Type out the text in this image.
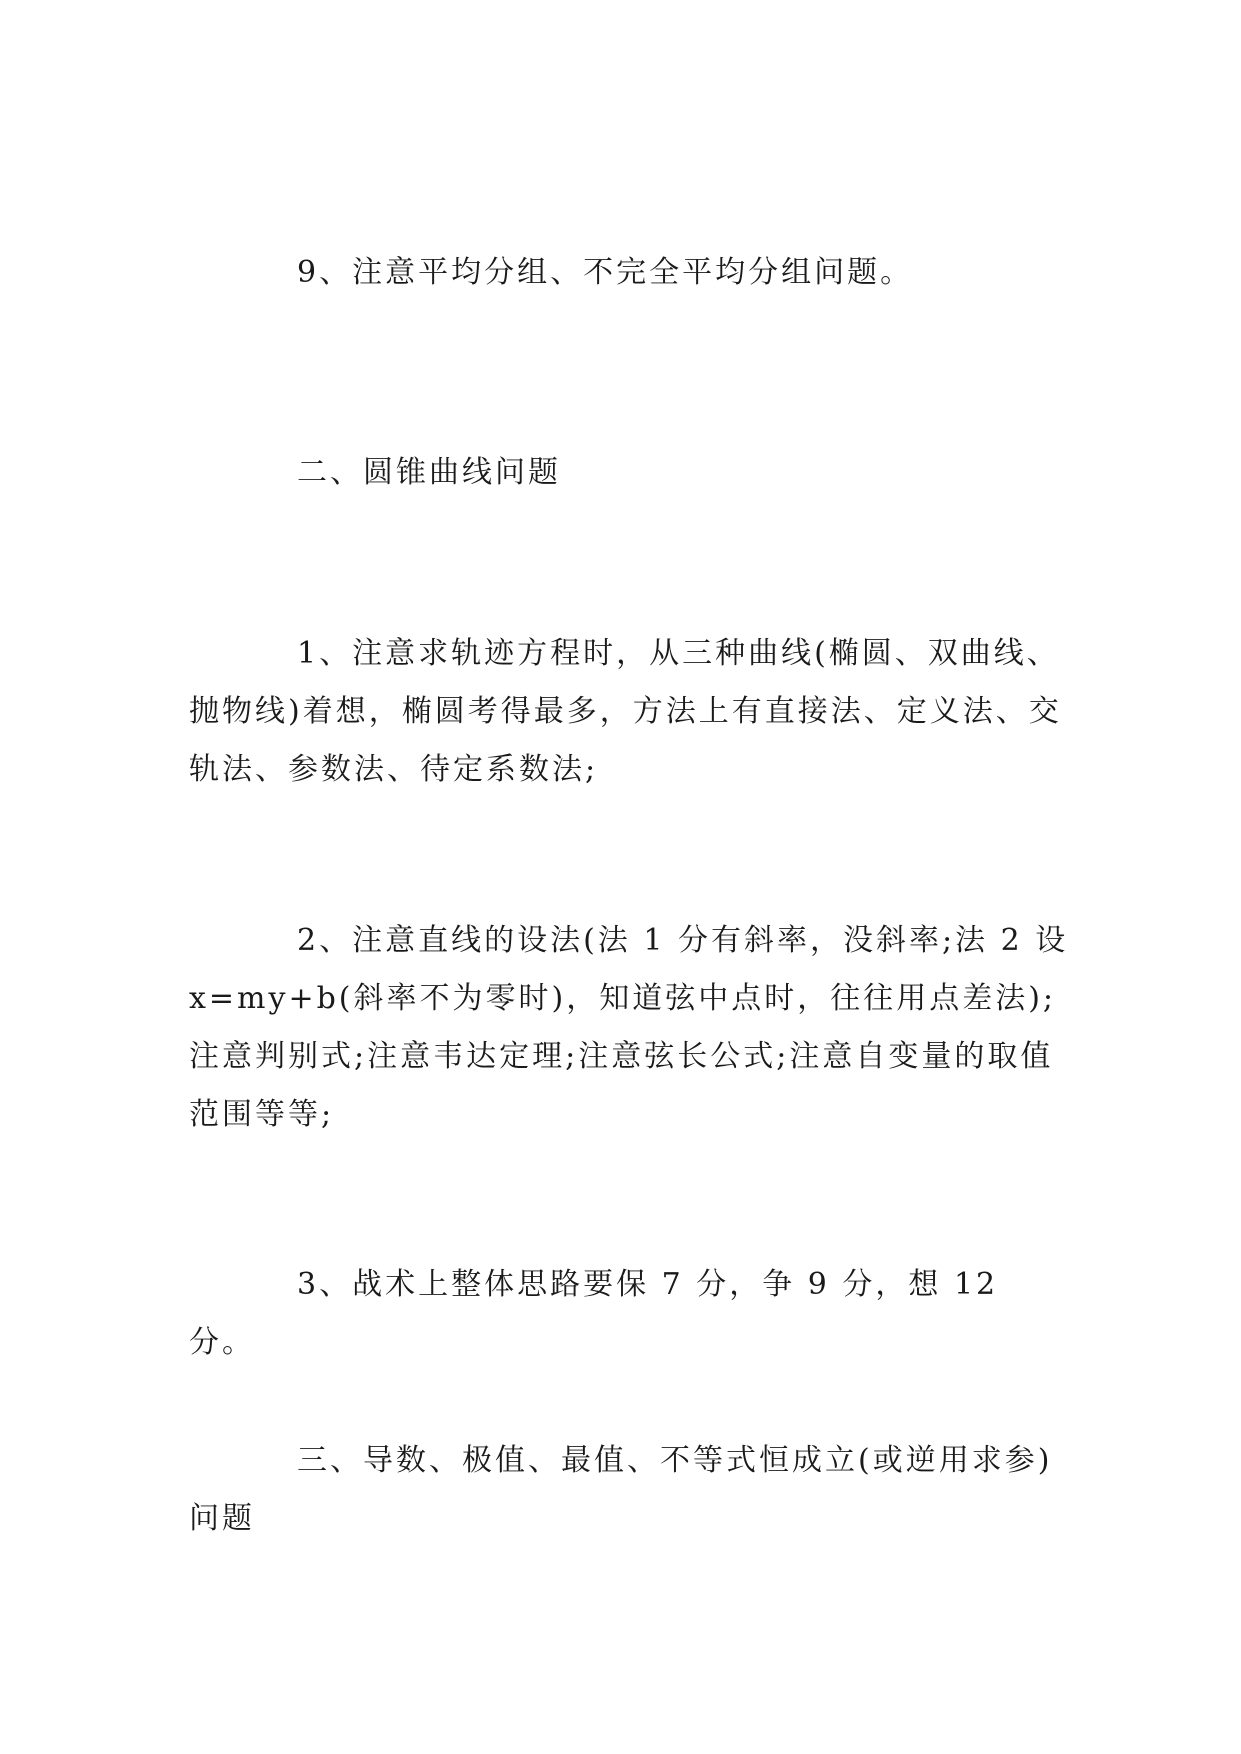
9、注意平均分组、不完全平均分组问题。

二、圆锥曲线问题

1、注意求轨迹方程时，从三种曲线(椭圆、双曲线、抛物线)着想，椭圆考得最多，方法上有直接法、定义法、交轨法、参数法、待定系数法;

2、注意直线的设法(法 1 分有斜率，没斜率;法 2 设 x=my+b(斜率不为零时)，知道弦中点时，往往用点差法);注意判别式;注意韦达定理;注意弦长公式;注意自变量的取值范围等等;

3、战术上整体思路要保 7 分，争 9 分，想 12 分。

三、导数、极值、最值、不等式恒成立(或逆用求参)问题
